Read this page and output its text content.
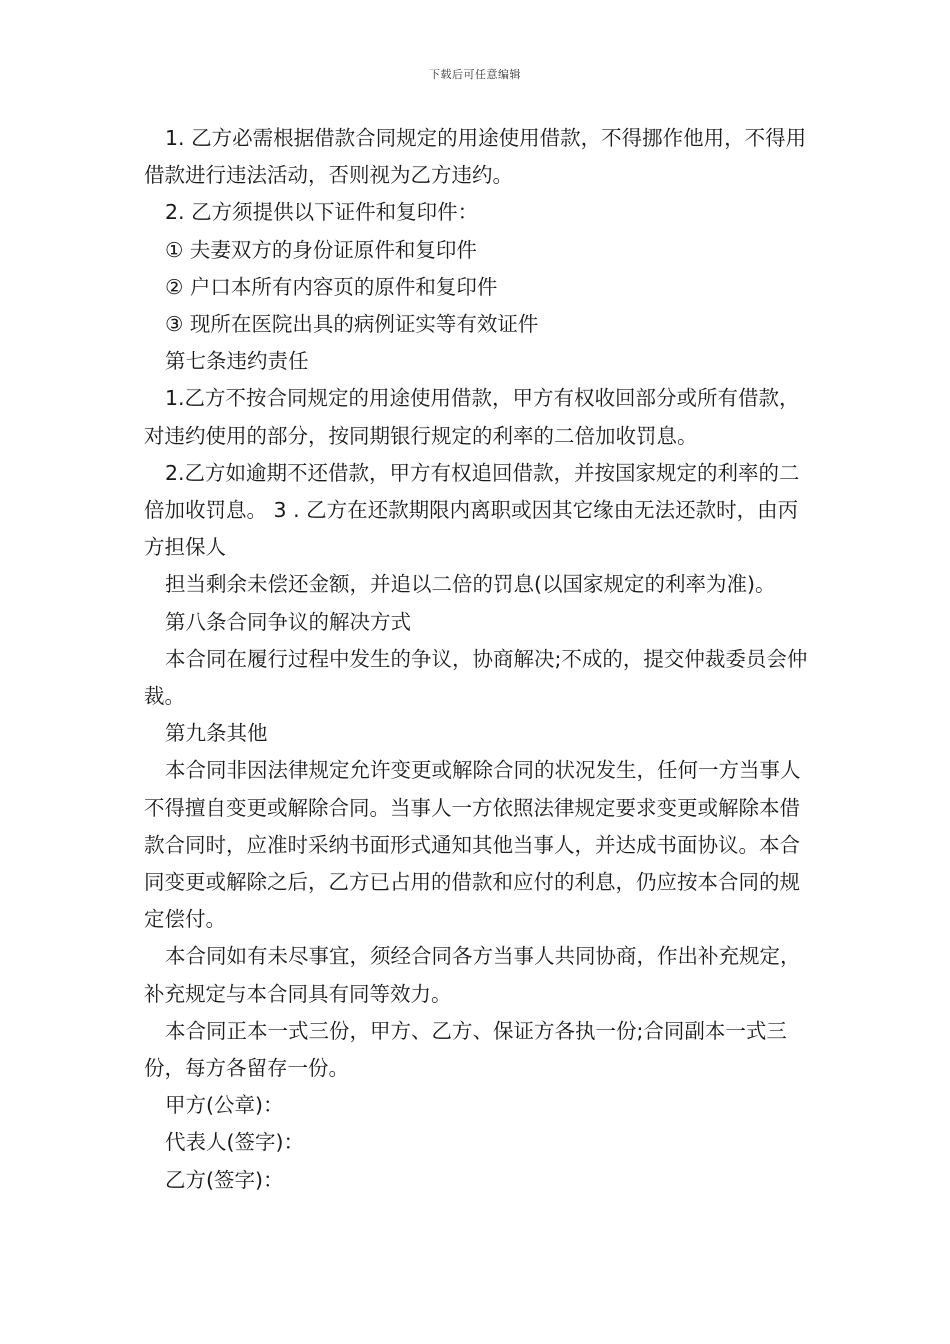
下载后可任意编辑

1. 乙方必需根据借款合同规定的用途使用借款，不得挪作他用，不得用借款进行违法活动，否则视为乙方违约。

2. 乙方须提供以下证件和复印件：

① 夫妻双方的身份证原件和复印件

② 户口本所有内容页的原件和复印件

③ 现所在医院出具的病例证实等有效证件

第七条违约责任

1.乙方不按合同规定的用途使用借款，甲方有权收回部分或所有借款，对违约使用的部分，按同期银行规定的利率的二倍加收罚息。

2.乙方如逾期不还借款，甲方有权追回借款，并按国家规定的利率的二倍加收罚息。 3 . 乙方在还款期限内离职或因其它缘由无法还款时，由丙方担保人

担当剩余未偿还金额，并追以二倍的罚息(以国家规定的利率为准)。

第八条合同争议的解决方式

本合同在履行过程中发生的争议，协商解决;不成的，提交仲裁委员会仲裁。

第九条其他

本合同非因法律规定允许变更或解除合同的状况发生，任何一方当事人不得擅自变更或解除合同。当事人一方依照法律规定要求变更或解除本借款合同时，应准时采纳书面形式通知其他当事人，并达成书面协议。本合同变更或解除之后，乙方已占用的借款和应付的利息，仍应按本合同的规定偿付。

本合同如有未尽事宜，须经合同各方当事人共同协商，作出补充规定，补充规定与本合同具有同等效力。

本合同正本一式三份，甲方、乙方、保证方各执一份;合同副本一式三份，每方各留存一份。

甲方(公章)：

代表人(签字)：

乙方(签字)：
